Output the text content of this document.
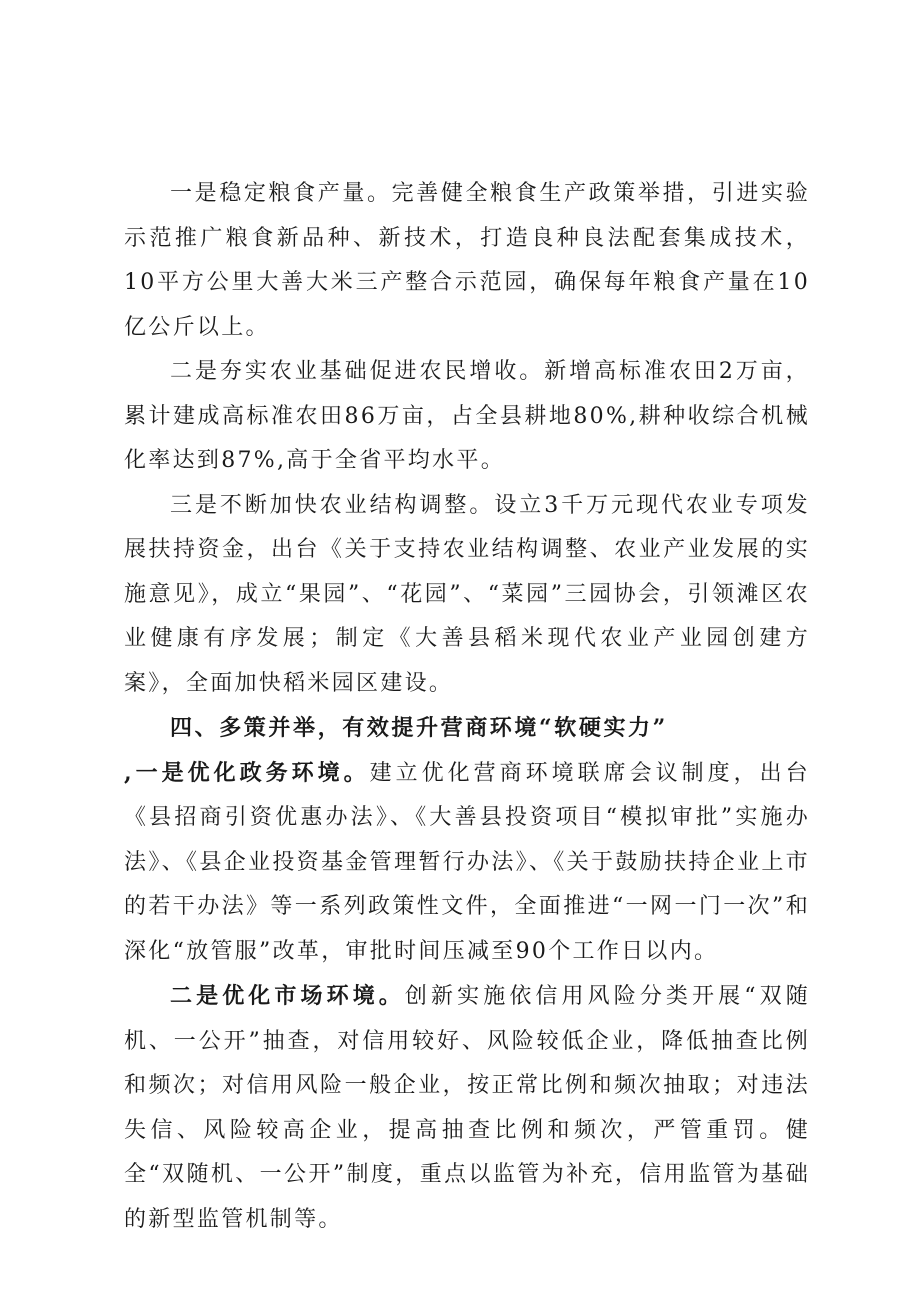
一是稳定粮食产量。完善健全粮食生产政策举措，引进实验示范推广粮食新品种、新技术，打造良种良法配套集成技术，10平方公里大善大米三产整合示范园，确保每年粮食产量在10亿公斤以上。

二是夯实农业基础促进农民增收。新增高标准农田2万亩，累计建成高标准农田86万亩，占全县耕地80%,耕种收综合机械化率达到87%,高于全省平均水平。

三是不断加快农业结构调整。设立3千万元现代农业专项发展扶持资金，出台《关于支持农业结构调整、农业产业发展的实施意见》，成立“果园”、“花园”、“菜园”三园协会，引领滩区农业健康有序发展；制定《大善县稻米现代农业产业园创建方案》，全面加快稻米园区建设。

四、多策并举，有效提升营商环境“软硬实力”

,一是优化政务环境。建立优化营商环境联席会议制度，出台《县招商引资优惠办法》、《大善县投资项目“模拟审批”实施办法》、《县企业投资基金管理暂行办法》、《关于鼓励扶持企业上市的若干办法》等一系列政策性文件，全面推进“一网一门一次”和深化“放管服”改革，审批时间压减至90个工作日以内。

二是优化市场环境。创新实施依信用风险分类开展“双随机、一公开”抽查，对信用较好、风险较低企业，降低抽查比例和频次；对信用风险一般企业，按正常比例和频次抽取；对违法失信、风险较高企业，提高抽查比例和频次，严管重罚。健全“双随机、一公开”制度，重点以监管为补充，信用监管为基础的新型监管机制等。
